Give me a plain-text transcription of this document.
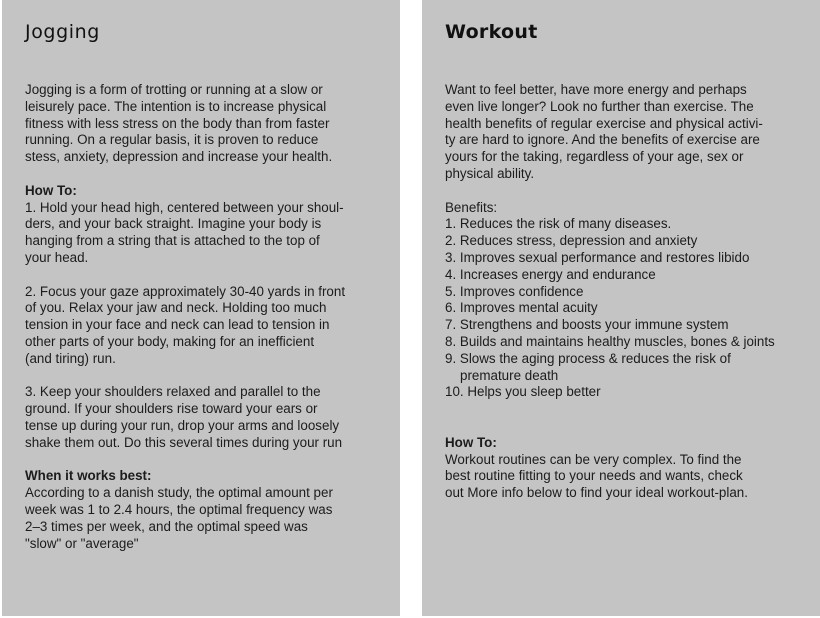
Jogging

Jogging is a form of trotting or running at a slow or
leisurely pace. The intention is to increase physical
fitness with less stress on the body than from faster
running. On a regular basis, it is proven to reduce
stess, anxiety, depression and increase your health.

How To:

1. Hold your head high, centered between your shoul-
ders, and your back straight. Imagine your body is
hanging from a string that is attached to the top of
your head.

2. Focus your gaze approximately 30-40 yards in front
of you. Relax your jaw and neck. Holding too much
tension in your face and neck can lead to tension in
other parts of your body, making for an inefficient
(and tiring) run.

3. Keep your shoulders relaxed and parallel to the
ground. If your shoulders rise toward your ears or
tense up during your run, drop your arms and loosely
shake them out. Do this several times during your run

When it works best:

According to a danish study, the optimal amount per
week was 1 to 2.4 hours, the optimal frequency was
2–3 times per week, and the optimal speed was
"slow" or "average"

Workout

Want to feel better, have more energy and perhaps
even live longer? Look no further than exercise. The
health benefits of regular exercise and physical activi-
ty are hard to ignore. And the benefits of exercise are
yours for the taking, regardless of your age, sex or
physical ability.

Benefits:

1. Reduces the risk of many diseases.
2. Reduces stress, depression and anxiety
3. Improves sexual performance and restores libido
4. Increases energy and endurance
5. Improves confidence
6. Improves mental acuity
7. Strengthens and boosts your immune system
8. Builds and maintains healthy muscles, bones & joints
9. Slows the aging process & reduces the risk of
premature death
10. Helps you sleep better

How To:

Workout routines can be very complex. To find the
best routine fitting to your needs and wants, check
out More info below to find your ideal workout-plan.
